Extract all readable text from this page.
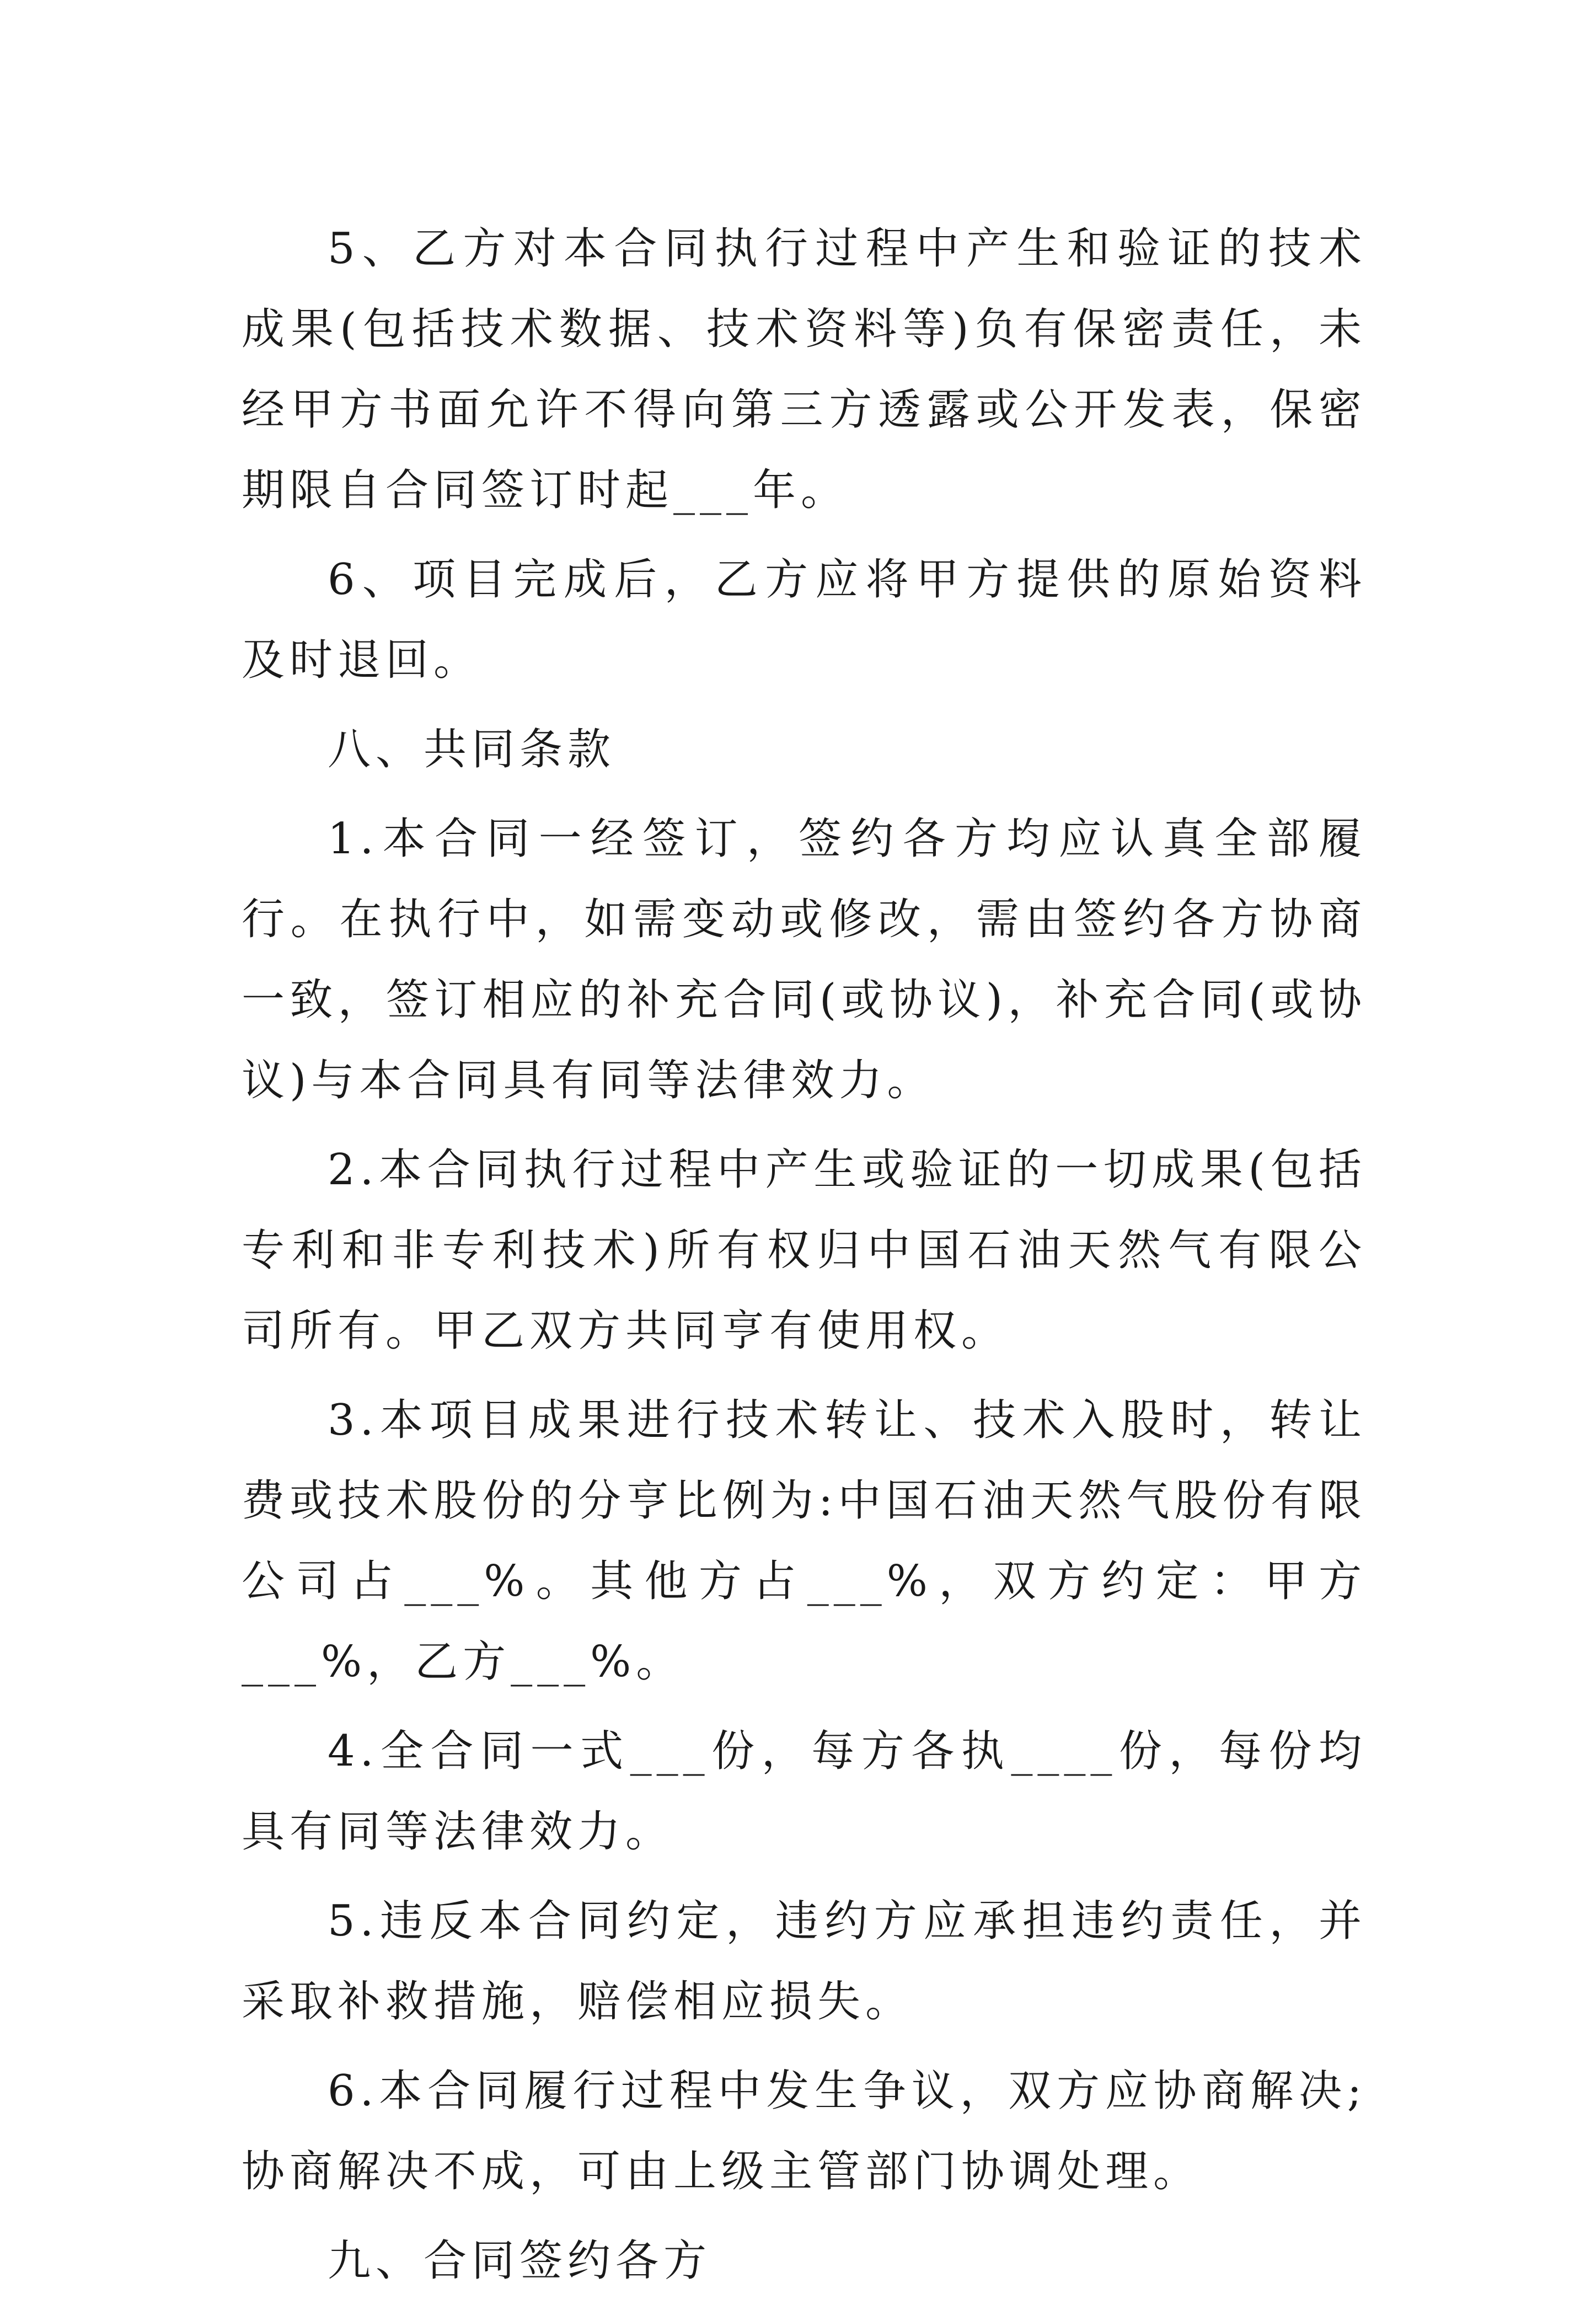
5、乙方对本合同执行过程中产生和验证的技术成果(包括技术数据、技术资料等)负有保密责任，未经甲方书面允许不得向第三方透露或公开发表，保密期限自合同签订时起___年。

6、项目完成后，乙方应将甲方提供的原始资料及时退回。

八、共同条款

1.本合同一经签订，签约各方均应认真全部履行。在执行中，如需变动或修改，需由签约各方协商一致，签订相应的补充合同(或协议)，补充合同(或协议)与本合同具有同等法律效力。

2.本合同执行过程中产生或验证的一切成果(包括专利和非专利技术)所有权归中国石油天然气有限公司所有。甲乙双方共同亨有使用权。

3.本项目成果进行技术转让、技术入股时，转让费或技术股份的分亨比例为:中国石油天然气股份有限公司占___%。其他方占___%，双方约定：甲方___%，乙方___%。

4.全合同一式___份，每方各执____份，每份均具有同等法律效力。

5.违反本合同约定，违约方应承担违约责任，并采取补救措施，赔偿相应损失。

6.本合同履行过程中发生争议，双方应协商解决;协商解决不成，可由上级主管部门协调处理。

九、合同签约各方
